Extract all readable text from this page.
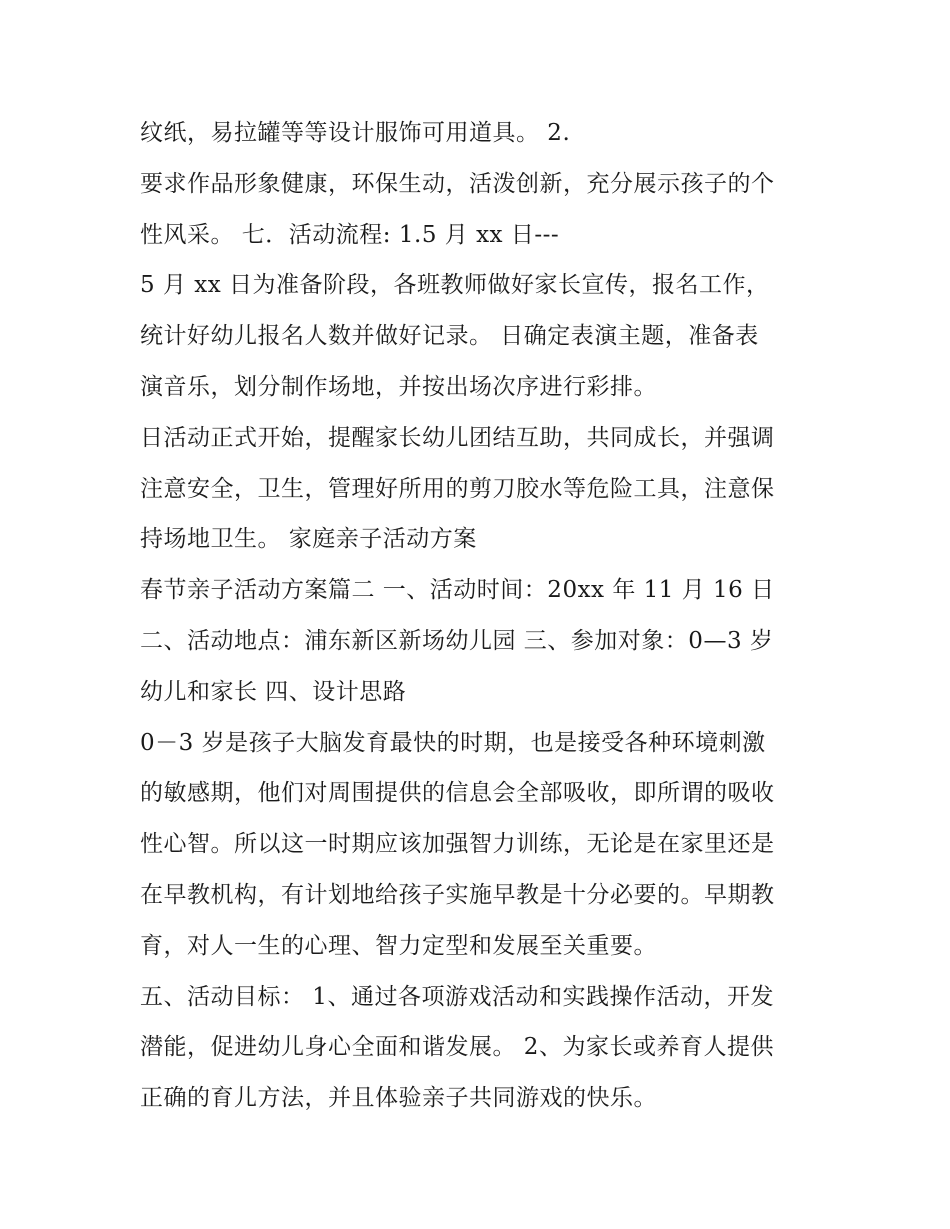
纹纸，易拉罐等等设计服饰可用道具。 2.
要求作品形象健康，环保生动，活泼创新，充分展示孩子的个
性风采。 七．活动流程: 1.5 月 xx 日---
5 月 xx 日为准备阶段，各班教师做好家长宣传，报名工作，
统计好幼儿报名人数并做好记录。 日确定表演主题，准备表
演音乐，划分制作场地，并按出场次序进行彩排。
日活动正式开始，提醒家长幼儿团结互助，共同成长，并强调
注意安全，卫生，管理好所用的剪刀胶水等危险工具，注意保
持场地卫生。 家庭亲子活动方案
春节亲子活动方案篇二 一、活动时间：20xx 年 11 月 16 日
二、活动地点：浦东新区新场幼儿园 三、参加对象：0—3 岁
幼儿和家长 四、设计思路
0－3 岁是孩子大脑发育最快的时期，也是接受各种环境刺激
的敏感期，他们对周围提供的信息会全部吸收，即所谓的吸收
性心智。所以这一时期应该加强智力训练，无论是在家里还是
在早教机构，有计划地给孩子实施早教是十分必要的。早期教
育，对人一生的心理、智力定型和发展至关重要。
五、活动目标： 1、通过各项游戏活动和实践操作活动，开发
潜能，促进幼儿身心全面和谐发展。 2、为家长或养育人提供
正确的育儿方法，并且体验亲子共同游戏的快乐。
